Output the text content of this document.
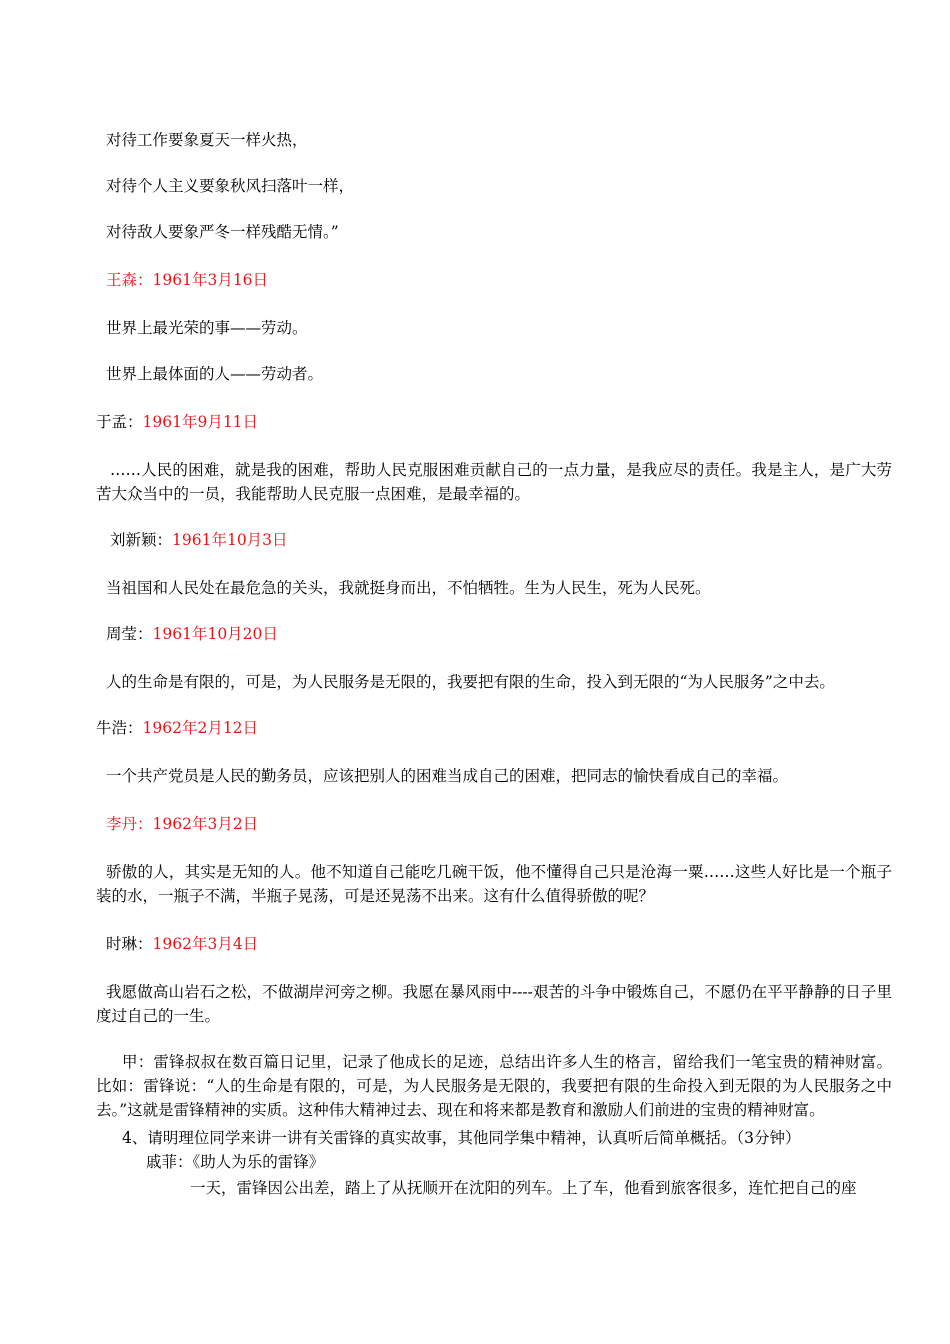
对待工作要象夏天一样火热，
对待个人主义要象秋风扫落叶一样，
对待敌人要象严冬一样残酷无情。”
王森：1961年3月16日
世界上最光荣的事——劳动。
世界上最体面的人——劳动者。
于孟：1961年9月11日
……人民的困难，就是我的困难，帮助人民克服困难贡献自己的一点力量，是我应尽的责任。我是主人，是广大劳苦大众当中的一员，我能帮助人民克服一点困难，是最幸福的。
刘新颖：1961年10月3日
当祖国和人民处在最危急的关头，我就挺身而出，不怕牺牲。生为人民生，死为人民死。
周莹：1961年10月20日
人的生命是有限的，可是，为人民服务是无限的，我要把有限的生命，投入到无限的“为人民服务”之中去。
牛浩：1962年2月12日
一个共产党员是人民的勤务员，应该把别人的困难当成自己的困难，把同志的愉快看成自己的幸福。
李丹：1962年3月2日
骄傲的人，其实是无知的人。他不知道自己能吃几碗干饭，他不懂得自己只是沧海一粟……这些人好比是一个瓶子装的水，一瓶子不满，半瓶子晃荡，可是还晃荡不出来。这有什么值得骄傲的呢？
时琳：1962年3月4日
我愿做高山岩石之松，不做湖岸河旁之柳。我愿在暴风雨中----艰苦的斗争中锻炼自己，不愿仍在平平静静的日子里度过自己的一生。
甲：雷锋叔叔在数百篇日记里，记录了他成长的足迹，总结出许多人生的格言，留给我们一笔宝贵的精神财富。比如：雷锋说：“人的生命是有限的，可是，为人民服务是无限的，我要把有限的生命投入到无限的为人民服务之中去。”这就是雷锋精神的实质。这种伟大精神过去、现在和将来都是教育和激励人们前进的宝贵的精神财富。
4、请明理位同学来讲一讲有关雷锋的真实故事，其他同学集中精神，认真听后简单概括。（3分钟）
戚菲：《助人为乐的雷锋》
一天，雷锋因公出差，踏上了从抚顺开在沈阳的列车。上了车，他看到旅客很多，连忙把自己的座
